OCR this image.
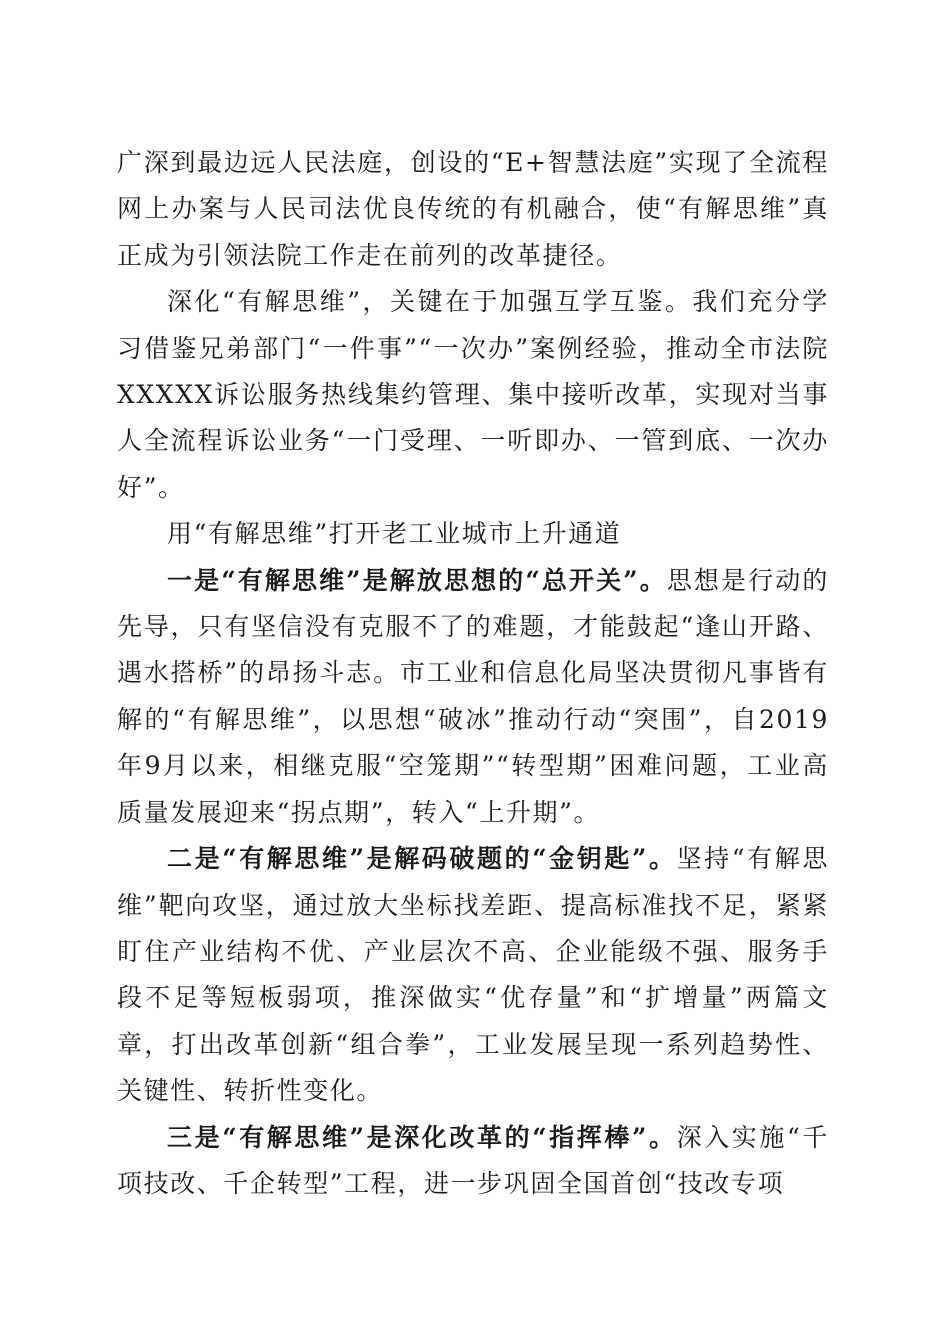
广深到最边远人民法庭，创设的“E+智慧法庭”实现了全流程网上办案与人民司法优良传统的有机融合，使“有解思维”真正成为引领法院工作走在前列的改革捷径。

深化“有解思维”，关键在于加强互学互鉴。我们充分学习借鉴兄弟部门“一件事”“一次办”案例经验，推动全市法院XXXXX诉讼服务热线集约管理、集中接听改革，实现对当事人全流程诉讼业务“一门受理、一听即办、一管到底、一次办好”。

用“有解思维”打开老工业城市上升通道

一是“有解思维”是解放思想的“总开关”。思想是行动的先导，只有坚信没有克服不了的难题，才能鼓起“逢山开路、遇水搭桥”的昂扬斗志。市工业和信息化局坚决贯彻凡事皆有解的“有解思维”，以思想“破冰”推动行动“突围”，自2019年9月以来，相继克服“空笼期”“转型期”困难问题，工业高质量发展迎来“拐点期”，转入“上升期”。

二是“有解思维”是解码破题的“金钥匙”。坚持“有解思维”靶向攻坚，通过放大坐标找差距、提高标准找不足，紧紧盯住产业结构不优、产业层次不高、企业能级不强、服务手段不足等短板弱项，推深做实“优存量”和“扩增量”两篇文章，打出改革创新“组合拳”，工业发展呈现一系列趋势性、关键性、转折性变化。

三是“有解思维”是深化改革的“指挥棒”。深入实施“千项技改、千企转型”工程，进一步巩固全国首创“技改专项
